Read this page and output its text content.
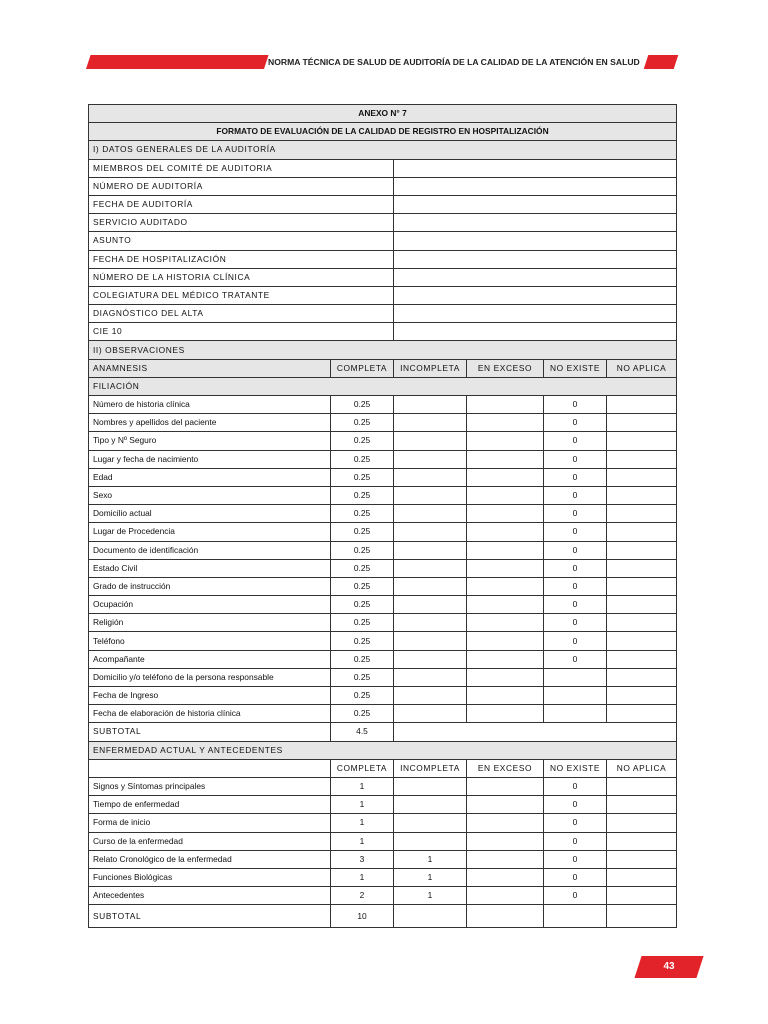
NORMA TÉCNICA DE SALUD DE AUDITORÍA DE LA CALIDAD DE LA ATENCIÓN EN SALUD
ANEXO N° 7					
FORMATO DE EVALUACIÓN DE LA CALIDAD DE REGISTRO EN HOSPITALIZACIÓN					
I) DATOS GENERALES DE LA AUDITORÍA					
MIEMBROS DEL COMITÉ DE AUDITORIA					
NÚMERO DE AUDITORÍA					
FECHA DE AUDITORÍA					
SERVICIO AUDITADO					
ASUNTO					
FECHA DE HOSPITALIZACIÓN					
NÚMERO DE LA HISTORIA CLÍNICA					
COLEGIATURA DEL MÉDICO TRATANTE					
DIAGNÓSTICO DEL ALTA					
CIE 10					
II) OBSERVACIONES					
ANAMNESIS	COMPLETA	INCOMPLETA	EN EXCESO	NO EXISTE	NO APLICA
FILIACIÓN					
Número de historia clínica	0.25			0	
Nombres y apellidos del paciente	0.25			0	
Tipo y Nº Seguro	0.25			0	
Lugar y fecha de nacimiento	0.25			0	
Edad	0.25			0	
Sexo	0.25			0	
Domicilio actual	0.25			0	
Lugar de Procedencia	0.25			0	
Documento de identificación	0.25			0	
Estado Civil	0.25			0	
Grado de instrucción	0.25			0	
Ocupación	0.25			0	
Religión	0.25			0	
Teléfono	0.25			0	
Acompañante	0.25			0	
Domicilio y/o teléfono de la persona responsable	0.25				
Fecha de Ingreso	0.25				
Fecha de elaboración de historia clínica	0.25				
SUBTOTAL	4.5				
ENFERMEDAD ACTUAL Y ANTECEDENTES					
	COMPLETA	INCOMPLETA	EN EXCESO	NO EXISTE	NO APLICA
Signos y Síntomas principales	1			0	
Tiempo de enfermedad	1			0	
Forma de inicio	1			0	
Curso de la enfermedad	1			0	
Relato Cronológico de la enfermedad	3	1		0	
Funciones Biológicas	1	1		0	
Antecedentes	2	1		0	
SUBTOTAL	10				
43
